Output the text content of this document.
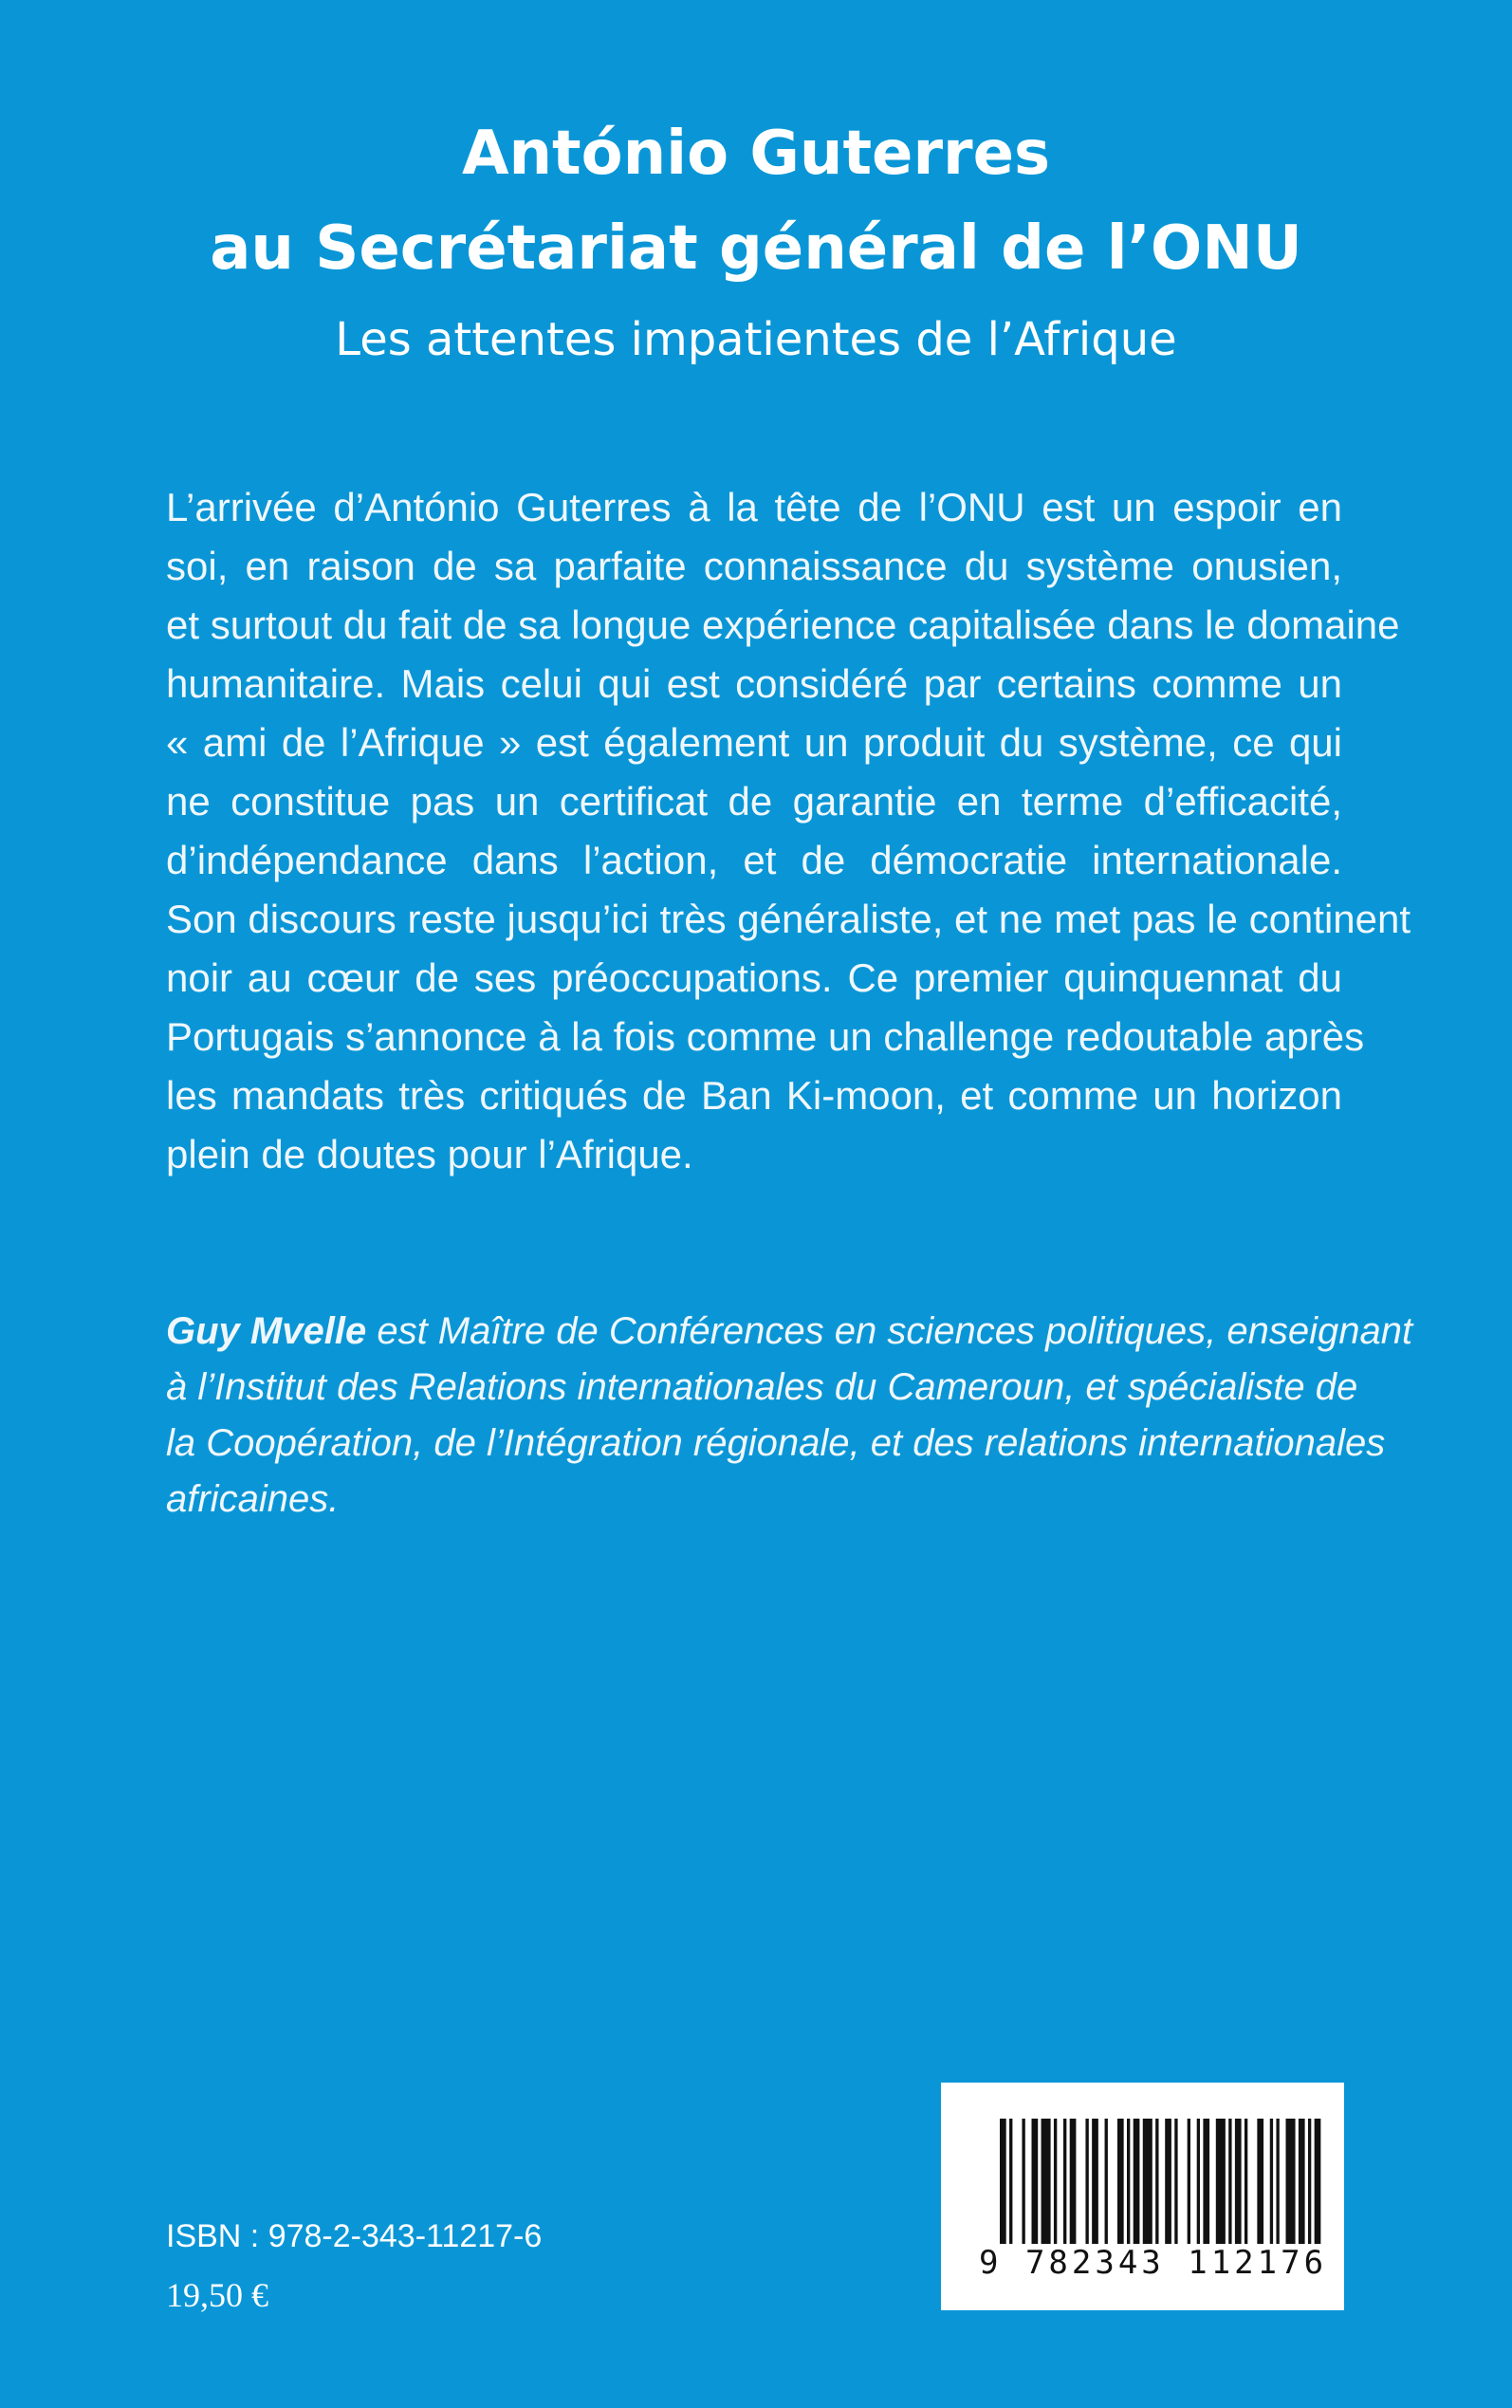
António Guterres
au Secrétariat général de l’ONU
Les attentes impatientes de l’Afrique
L’arrivée d’António Guterres à la tête de l’ONU est un espoir en
soi, en raison de sa parfaite connaissance du système onusien,
et surtout du fait de sa longue expérience capitalisée dans le domaine
humanitaire. Mais celui qui est considéré par certains comme un
« ami de l’Afrique » est également un produit du système, ce qui
ne constitue pas un certificat de garantie en terme d’efficacité,
d’indépendance dans l’action, et de démocratie internationale.
Son discours reste jusqu’ici très généraliste, et ne met pas le continent
noir au cœur de ses préoccupations. Ce premier quinquennat du
Portugais s’annonce à la fois comme un challenge redoutable après
les mandats très critiqués de Ban Ki-moon, et comme un horizon
plein de doutes pour l’Afrique.
Guy Mvelle est Maître de Conférences en sciences politiques, enseignant
à l’Institut des Relations internationales du Cameroun, et spécialiste de
la Coopération, de l’Intégration régionale, et des relations internationales
africaines.
ISBN : 978-2-343-11217-6
19,50 €
9 782343 112176
